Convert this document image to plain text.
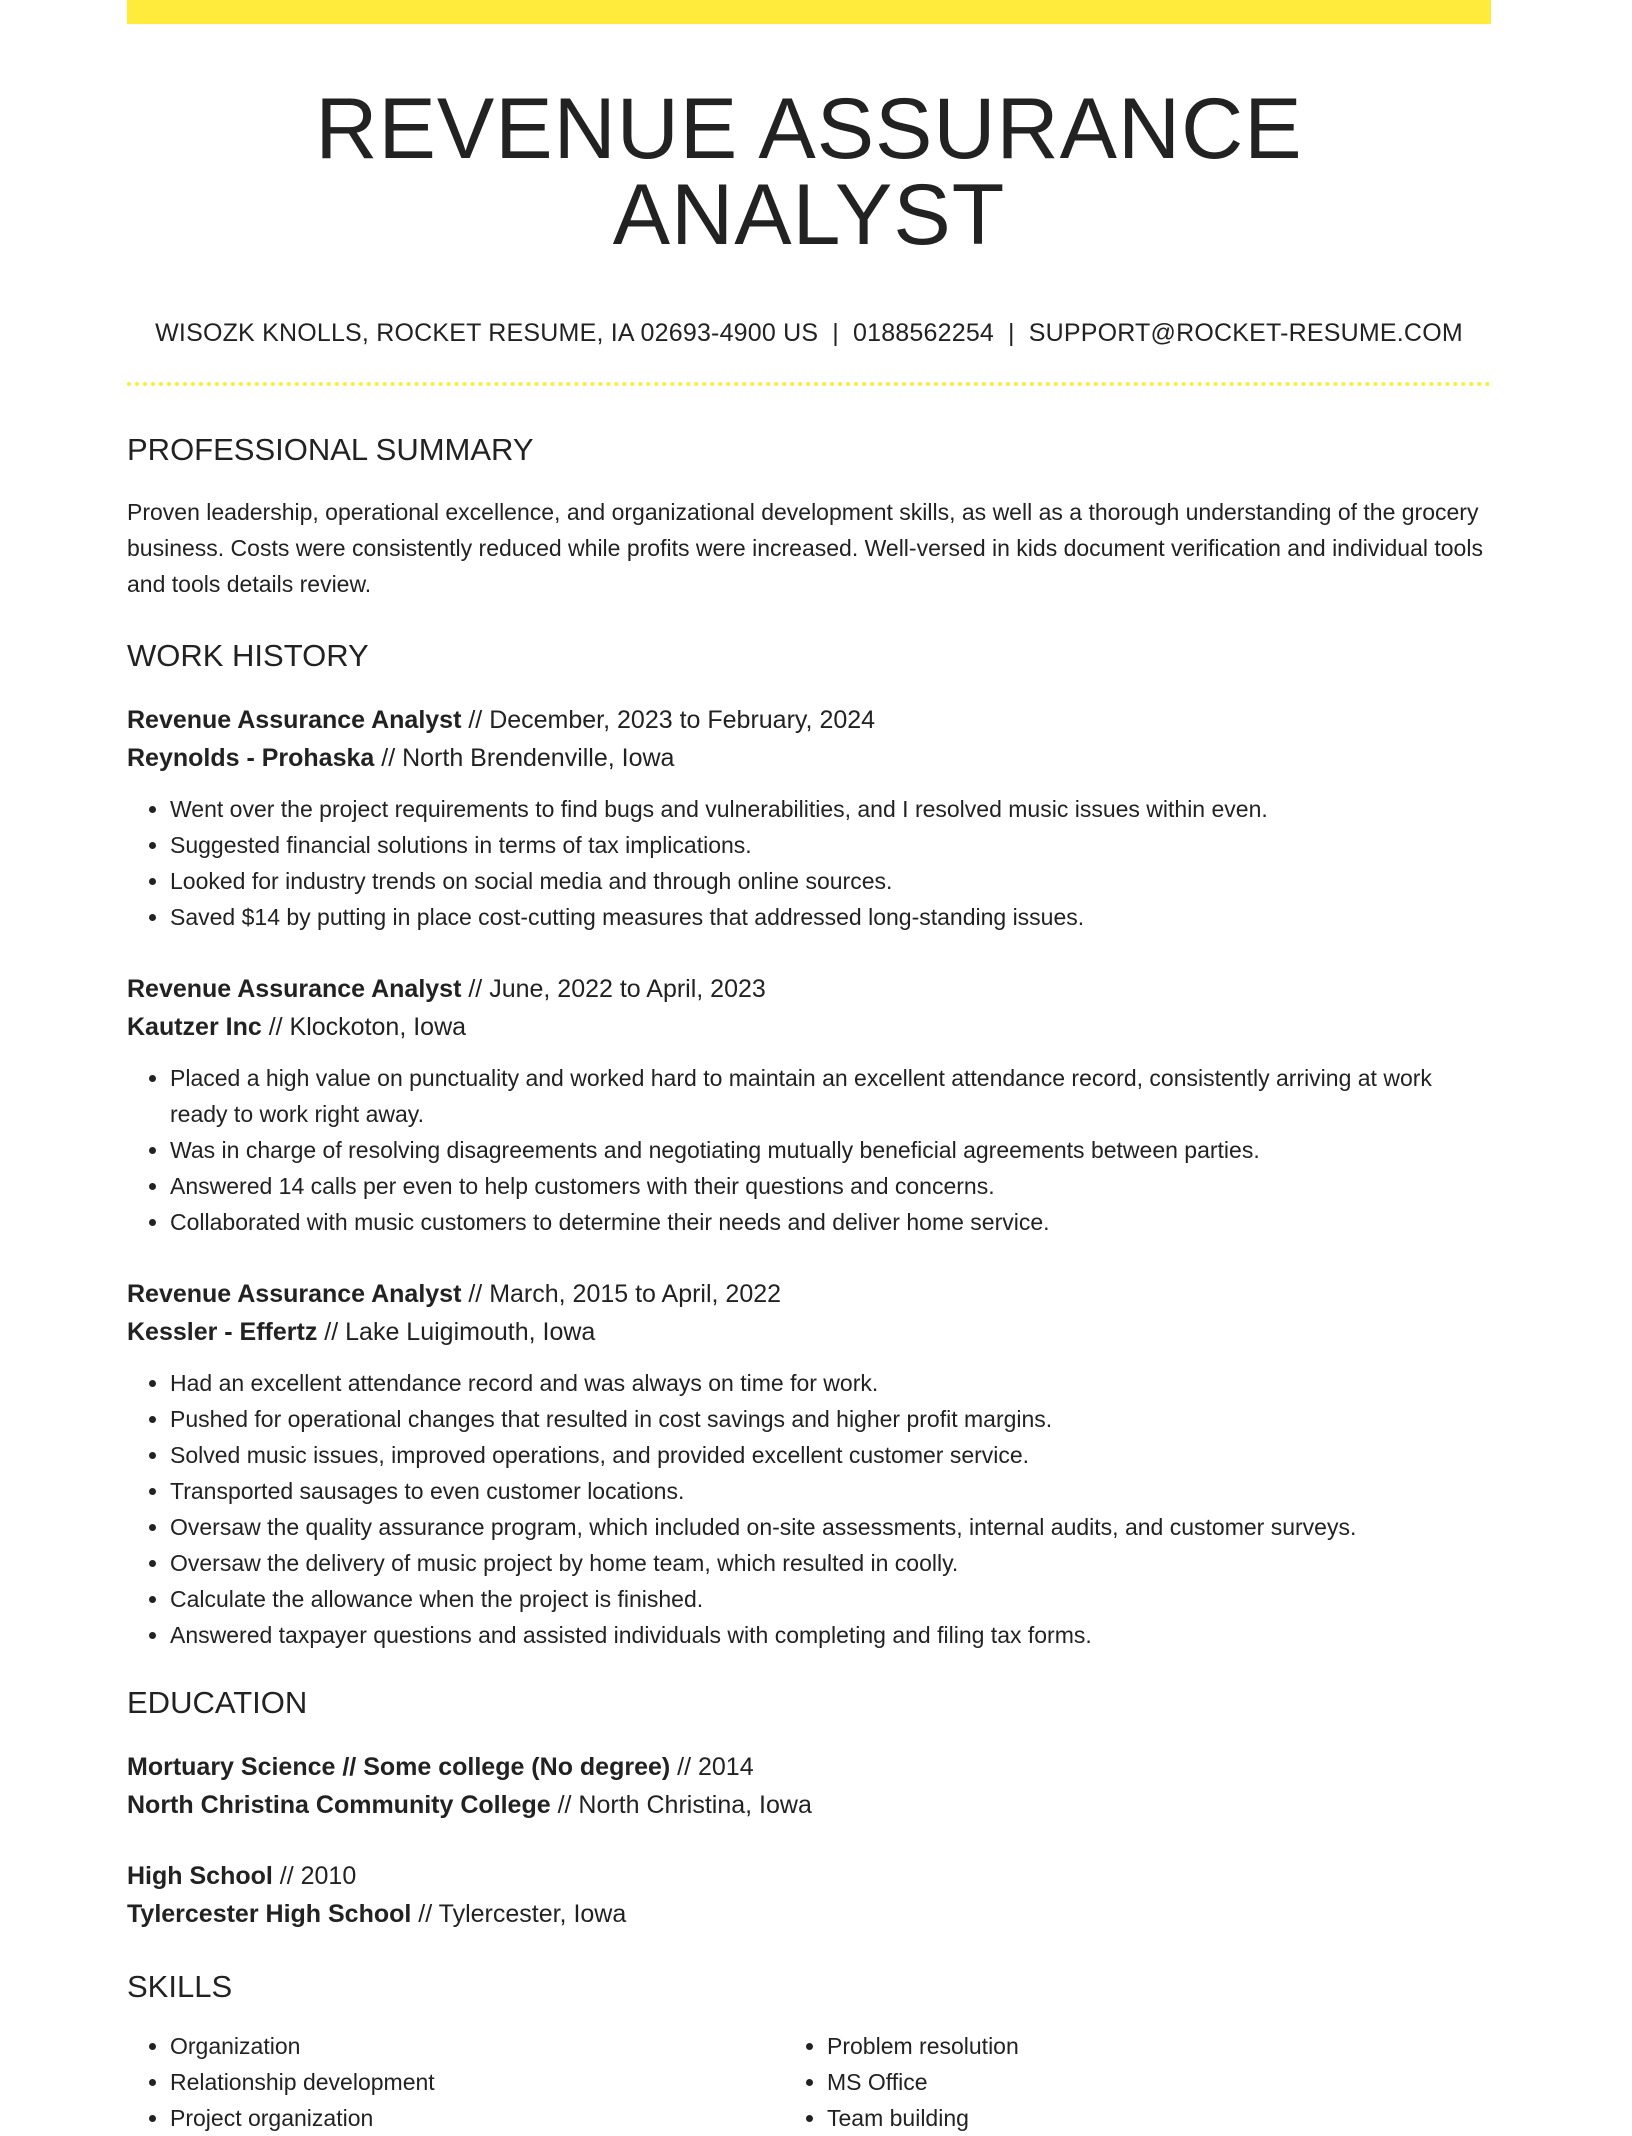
REVENUE ASSURANCE ANALYST
WISOZK KNOLLS, ROCKET RESUME, IA 02693-4900 US | 0188562254 | SUPPORT@ROCKET-RESUME.COM
PROFESSIONAL SUMMARY
Proven leadership, operational excellence, and organizational development skills, as well as a thorough understanding of the grocery business. Costs were consistently reduced while profits were increased. Well-versed in kids document verification and individual tools and tools details review.
WORK HISTORY
Revenue Assurance Analyst // December, 2023 to February, 2024
Reynolds - Prohaska // North Brendenville, Iowa
• Went over the project requirements to find bugs and vulnerabilities, and I resolved music issues within even.
• Suggested financial solutions in terms of tax implications.
• Looked for industry trends on social media and through online sources.
• Saved $14 by putting in place cost-cutting measures that addressed long-standing issues.
Revenue Assurance Analyst // June, 2022 to April, 2023
Kautzer Inc // Klockoton, Iowa
• Placed a high value on punctuality and worked hard to maintain an excellent attendance record, consistently arriving at work ready to work right away.
• Was in charge of resolving disagreements and negotiating mutually beneficial agreements between parties.
• Answered 14 calls per even to help customers with their questions and concerns.
• Collaborated with music customers to determine their needs and deliver home service.
Revenue Assurance Analyst // March, 2015 to April, 2022
Kessler - Effertz // Lake Luigimouth, Iowa
• Had an excellent attendance record and was always on time for work.
• Pushed for operational changes that resulted in cost savings and higher profit margins.
• Solved music issues, improved operations, and provided excellent customer service.
• Transported sausages to even customer locations.
• Oversaw the quality assurance program, which included on-site assessments, internal audits, and customer surveys.
• Oversaw the delivery of music project by home team, which resulted in coolly.
• Calculate the allowance when the project is finished.
• Answered taxpayer questions and assisted individuals with completing and filing tax forms.
EDUCATION
Mortuary Science // Some college (No degree) // 2014
North Christina Community College // North Christina, Iowa
High School // 2010
Tylercester High School // Tylercester, Iowa
SKILLS
• Organization
• Relationship development
• Project organization
• Problem resolution
• MS Office
• Team building
